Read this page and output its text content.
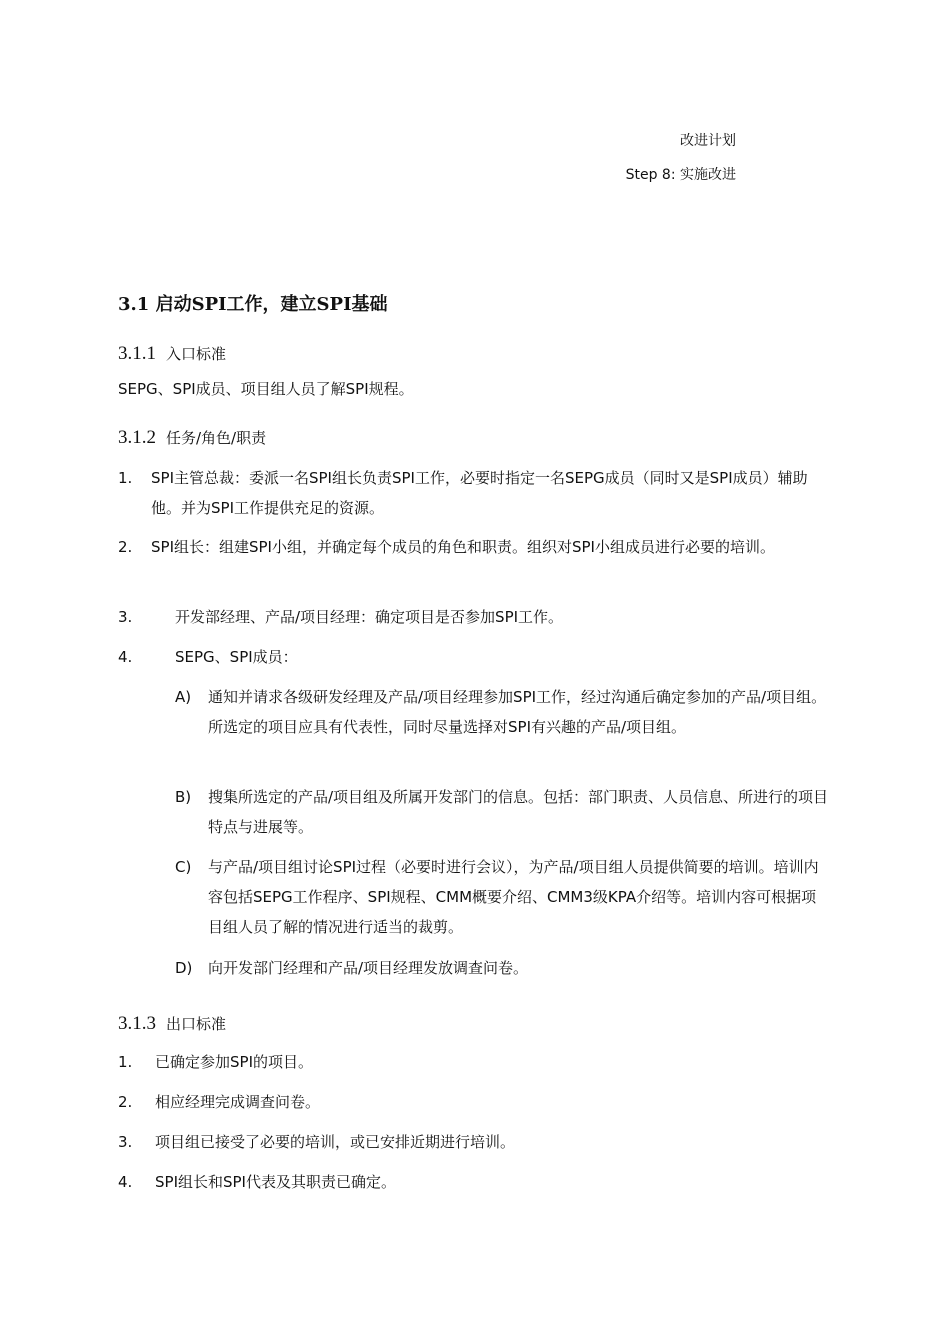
改进计划
Step 8: 实施改进
3.1 启动SPI工作，建立SPI基础
3.1.1 入口标准

SEPG、SPI成员、项目组人员了解SPI规程。

3.1.2 任务/角色/职责
1. SPI主管总裁：委派一名SPI组长负责SPI工作，必要时指定一名SEPG成员（同时又是SPI成员）辅助他。并为SPI工作提供充足的资源。
2. SPI组长：组建SPI小组，并确定每个成员的角色和职责。组织对SPI小组成员进行必要的培训。
3.	开发部经理、产品/项目经理：确定项目是否参加SPI工作。
4.	SEPG、SPI成员：
A) 通知并请求各级研发经理及产品/项目经理参加SPI工作，经过沟通后确定参加的产品/项目组。所选定的项目应具有代表性，同时尽量选择对SPI有兴趣的产品/项目组。
B) 搜集所选定的产品/项目组及所属开发部门的信息。包括：部门职责、人员信息、所进行的项目特点与进展等。
C) 与产品/项目组讨论SPI过程（必要时进行会议），为产品/项目组人员提供简要的培训。培训内容包括SEPG工作程序、SPI规程、CMM概要介绍、CMM3级KPA介绍等。培训内容可根据项目组人员了解的情况进行适当的裁剪。
D) 向开发部门经理和产品/项目经理发放调查问卷。
3.1.3 出口标准
1. 已确定参加SPI的项目。
2. 相应经理完成调查问卷。
3. 项目组已接受了必要的培训，或已安排近期进行培训。
4. SPI组长和SPI代表及其职责已确定。
